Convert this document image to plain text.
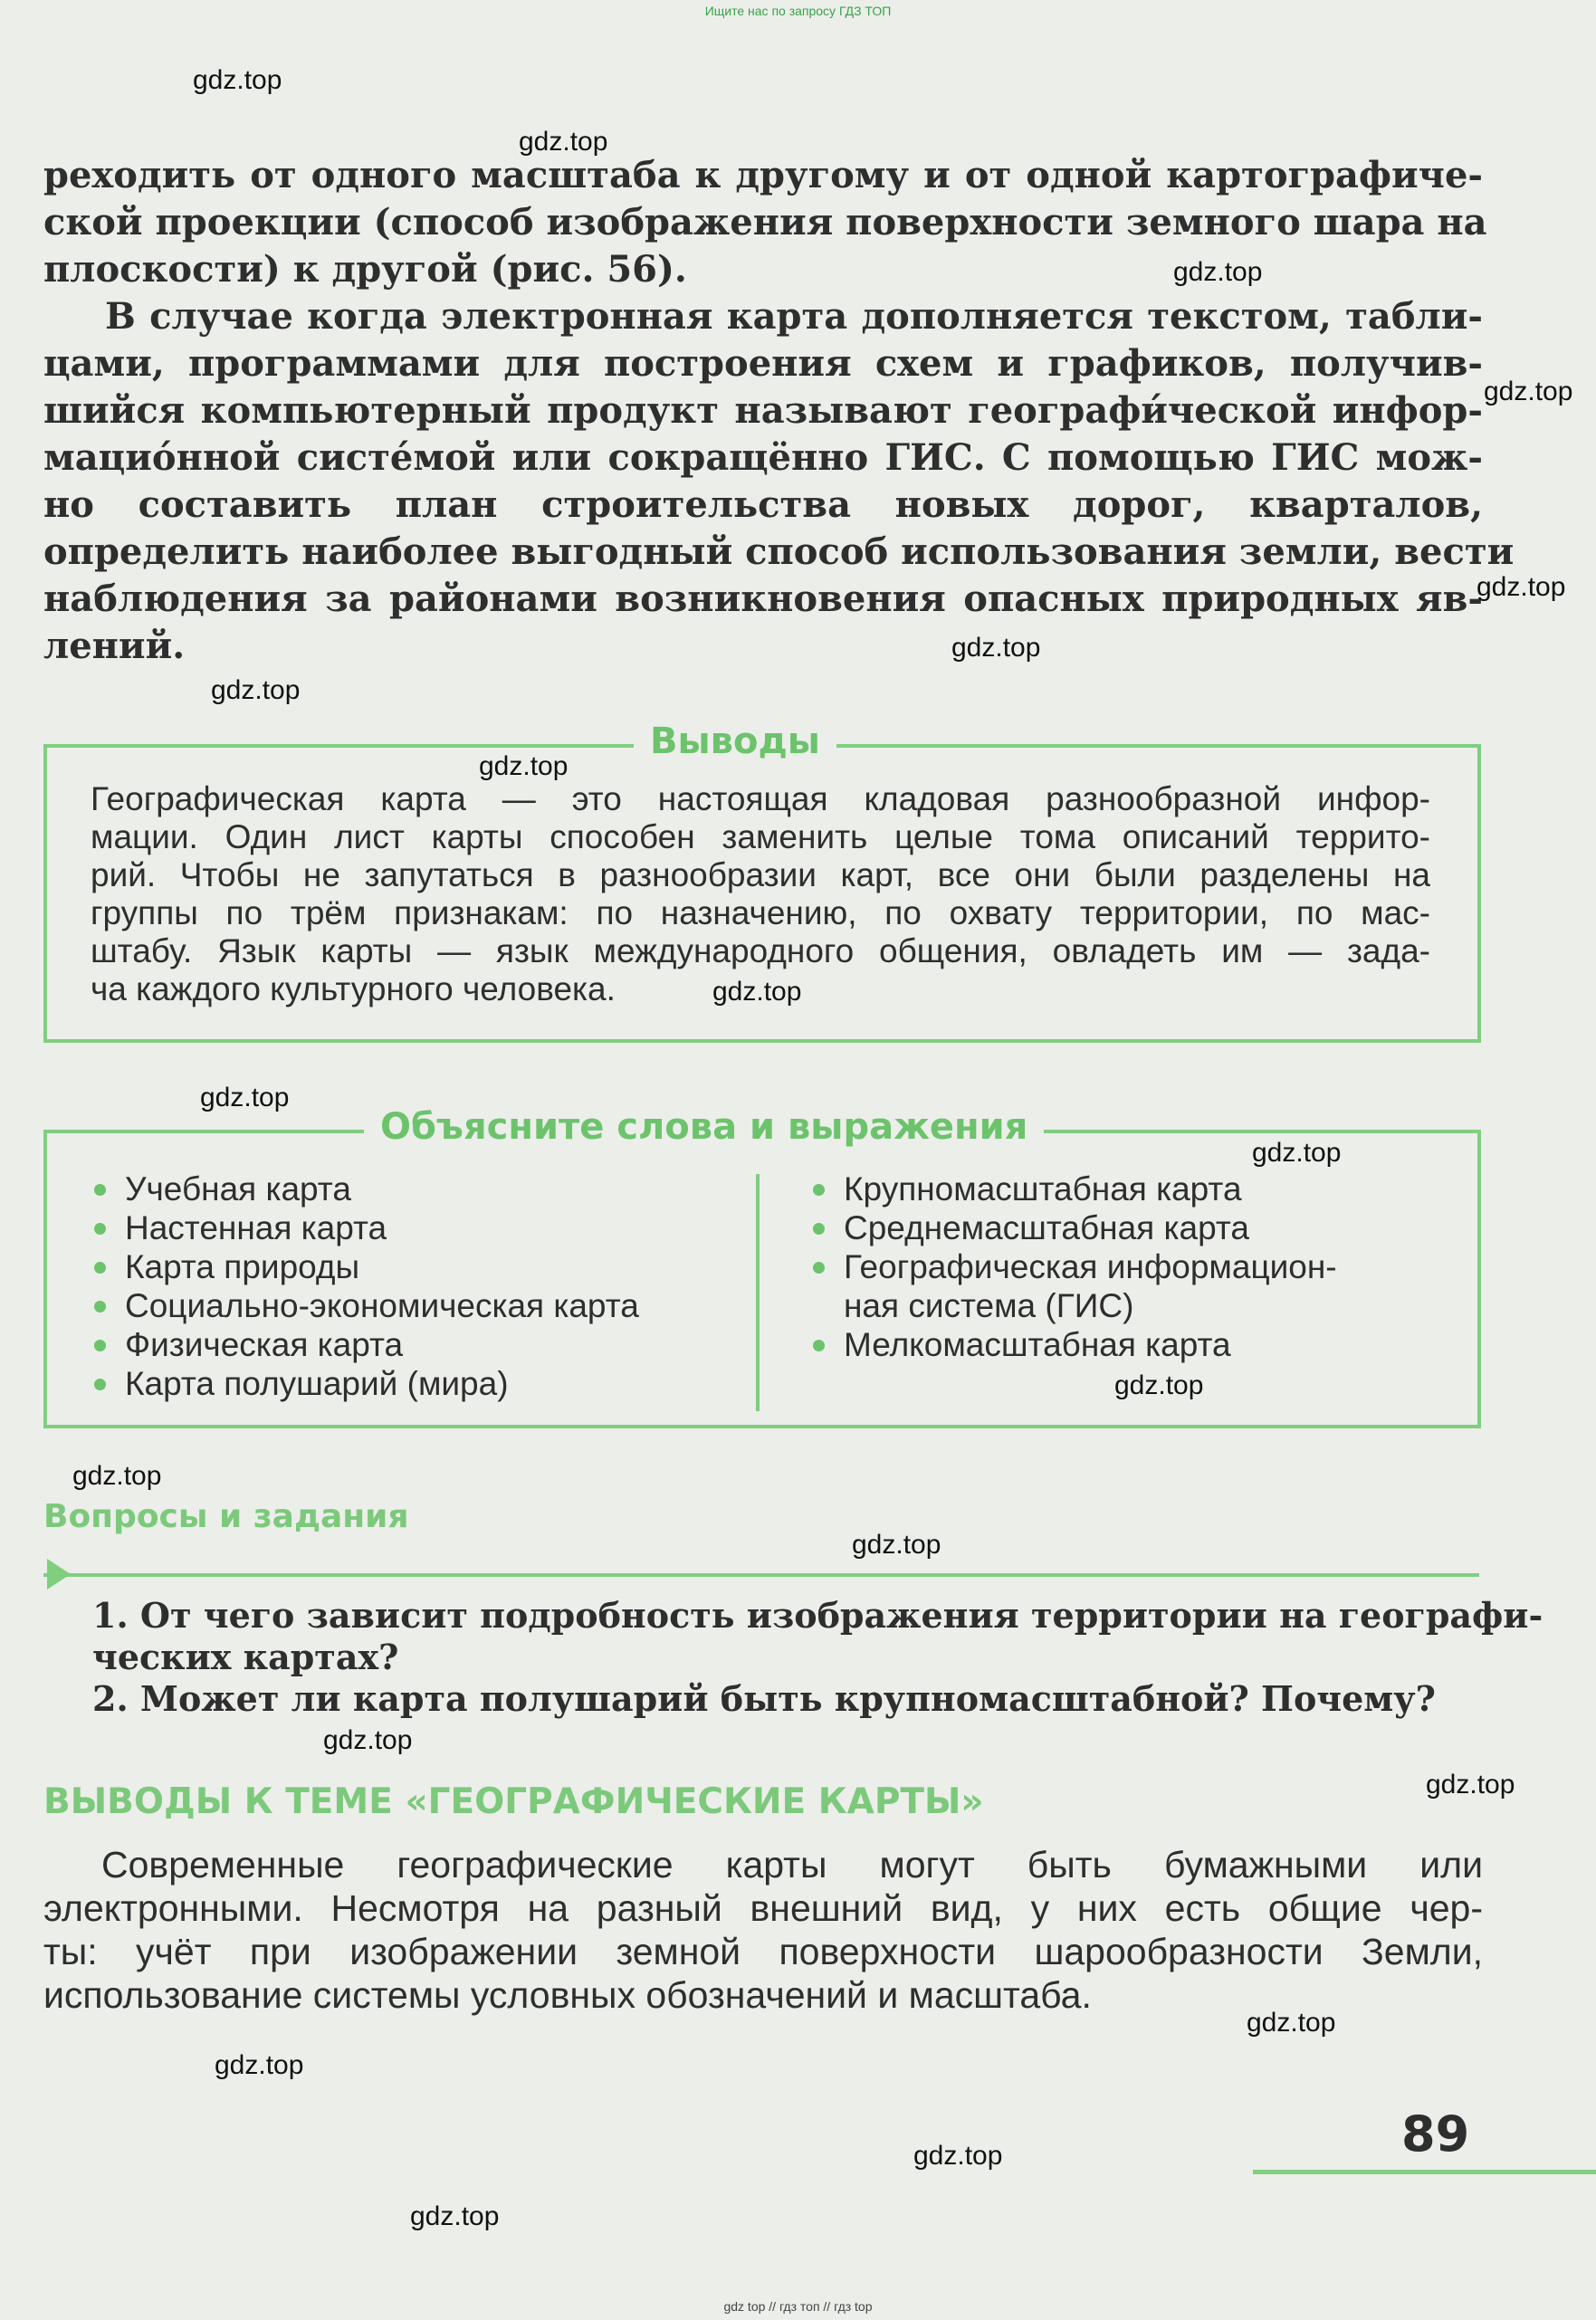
Ищите нас по запросу ГДЗ ТОП
реходить от одного масштаба к другому и от одной картографиче-
ской проекции (способ изображения поверхности земного шара на
плоскости) к другой (рис. 56).
В случае когда электронная карта дополняется текстом, табли-
цами, программами для построения схем и графиков, получив-
шийся компьютерный продукт называют географи́ческой инфор-
мацио́нной систе́мой или сокращённо ГИС. С помощью ГИС мож-
но составить план строительства новых дорог, кварталов,
определить наиболее выгодный способ использования земли, вести
наблюдения за районами возникновения опасных природных яв-
лений.
Географическая карта — это настоящая кладовая разнообразной инфор-
мации. Один лист карты способен заменить целые тома описаний террито-
рий. Чтобы не запутаться в разнообразии карт, все они были разделены на
группы по трём признакам: по назначению, по охвату территории, по мас-
штабу. Язык карты — язык международного общения, овладеть им — зада-
ча каждого культурного человека.
Выводы
Объясните слова и выражения
Учебная карта
Настенная карта
Карта природы
Социально-экономическая карта
Физическая карта
Карта полушарий (мира)
Крупномасштабная карта
Среднемасштабная карта
Географическая информацион-
ная система (ГИС)
Мелкомасштабная карта
Вопросы и задания
1. От чего зависит подробность изображения территории на географи-
ческих картах?
2. Может ли карта полушарий быть крупномасштабной? Почему?
ВЫВОДЫ К ТЕМЕ «ГЕОГРАФИЧЕСКИЕ КАРТЫ»
Современные географические карты могут быть бумажными или
электронными. Несмотря на разный внешний вид, у них есть общие чер-
ты: учёт при изображении земной поверхности шарообразности Земли,
использование системы условных обозначений и масштаба.
89
gdz.top
gdz.top
gdz.top
gdz.top
gdz.top
gdz.top
gdz.top
gdz.top
gdz.top
gdz.top
gdz.top
gdz.top
gdz.top
gdz.top
gdz.top
gdz.top
gdz.top
gdz.top
gdz.top
gdz.top
gdz top // гдз топ // гдз top
